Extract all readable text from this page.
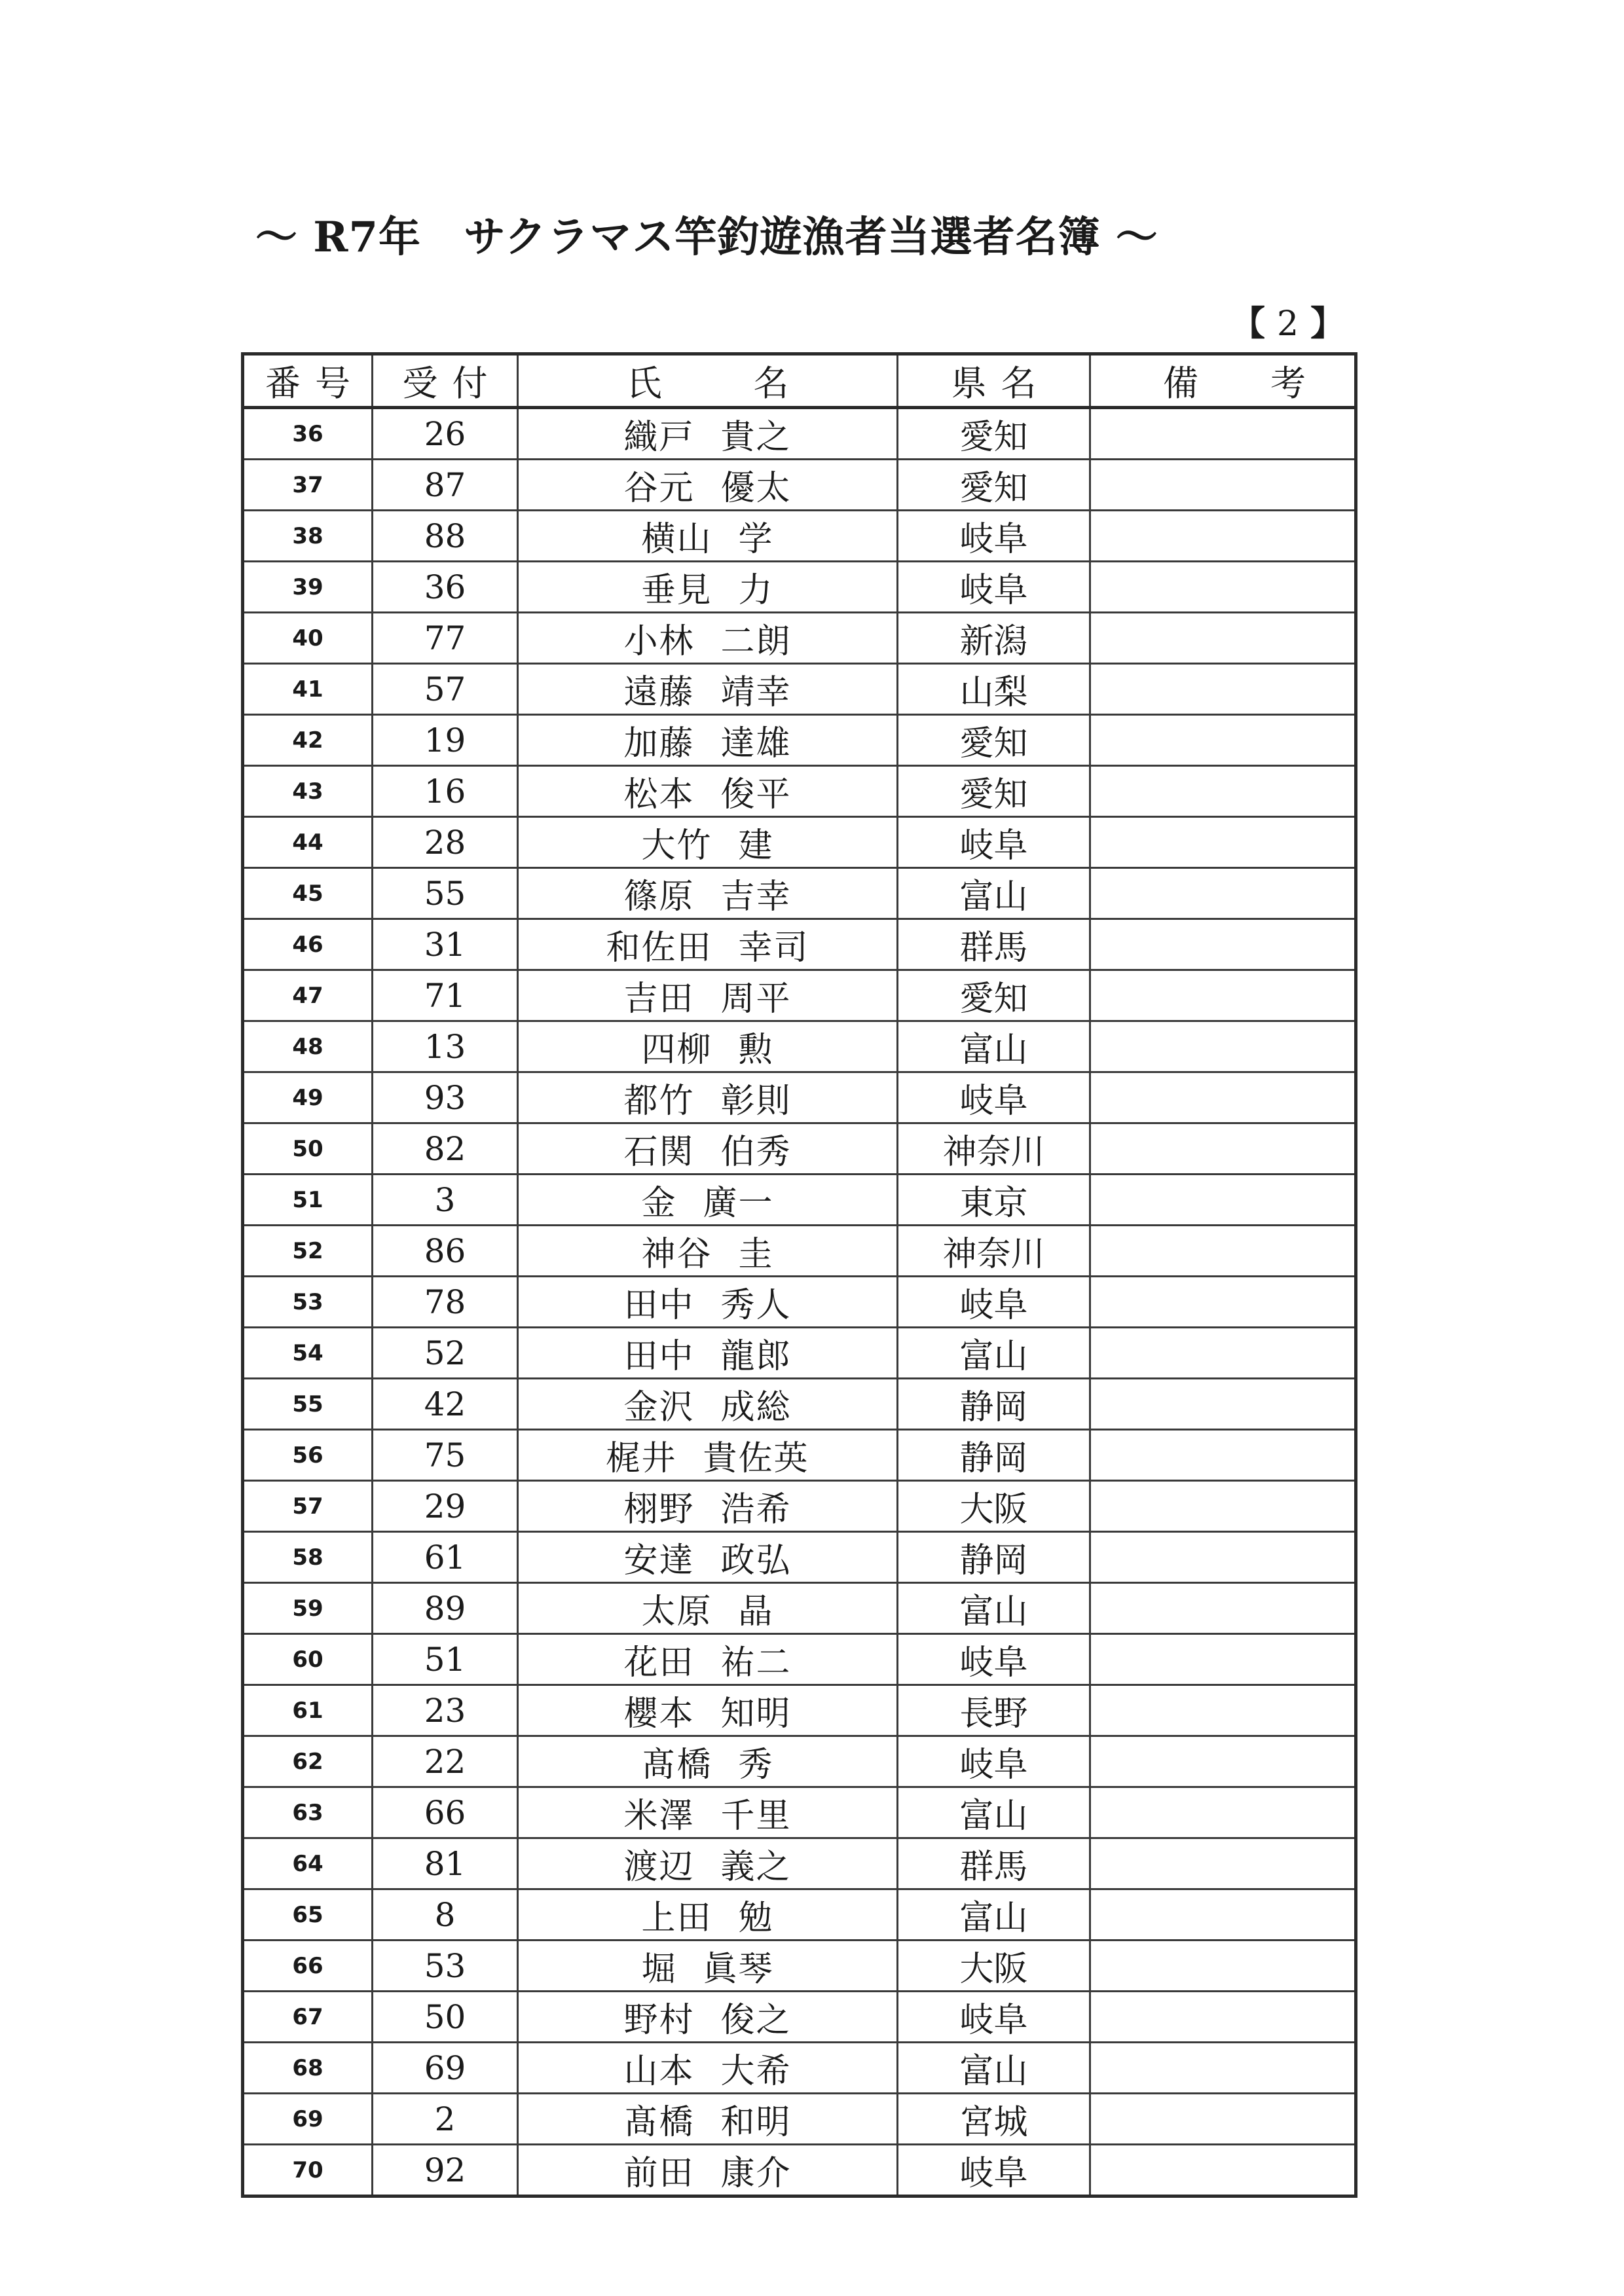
～ R7年　サクラマス竿釣遊漁者当選者名簿 ～
【 2 】
番号	受付	氏名	県名	備考
36	26	織戸 貴之	愛知	
37	87	谷元 優太	愛知	
38	88	横山 学	岐阜	
39	36	垂見 力	岐阜	
40	77	小林 二朗	新潟	
41	57	遠藤 靖幸	山梨	
42	19	加藤 達雄	愛知	
43	16	松本 俊平	愛知	
44	28	大竹 建	岐阜	
45	55	篠原 吉幸	富山	
46	31	和佐田 幸司	群馬	
47	71	吉田 周平	愛知	
48	13	四柳 勲	富山	
49	93	都竹 彰則	岐阜	
50	82	石関 伯秀	神奈川	
51	3	金 廣一	東京	
52	86	神谷 圭	神奈川	
53	78	田中 秀人	岐阜	
54	52	田中 龍郎	富山	
55	42	金沢 成総	静岡	
56	75	梶井 貴佐英	静岡	
57	29	栩野 浩希	大阪	
58	61	安達 政弘	静岡	
59	89	太原 晶	富山	
60	51	花田 祐二	岐阜	
61	23	櫻本 知明	長野	
62	22	髙橋 秀	岐阜	
63	66	米澤 千里	富山	
64	81	渡辺 義之	群馬	
65	8	上田 勉	富山	
66	53	堀 眞琴	大阪	
67	50	野村 俊之	岐阜	
68	69	山本 大希	富山	
69	2	髙橋 和明	宮城	
70	92	前田 康介	岐阜	
